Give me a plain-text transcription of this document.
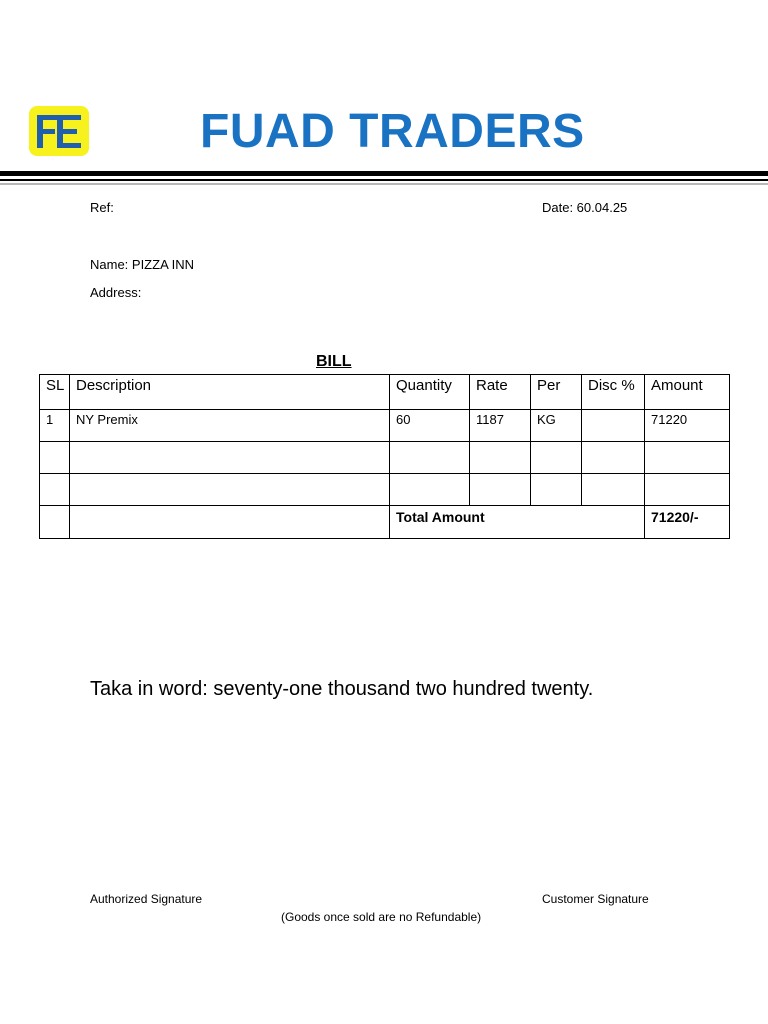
FUAD TRADERS
Ref:	Date: 60.04.25
Name: PIZZA INN
Address:
BILL
SL	Description	Quantity	Rate	Per	Disc %	Amount
1	NY Premix	60	1187	KG		71220

		Total Amount				71220/-
Taka in word: seventy-one thousand two hundred twenty.
Authorized Signature	Customer Signature
(Goods once sold are no Refundable)
